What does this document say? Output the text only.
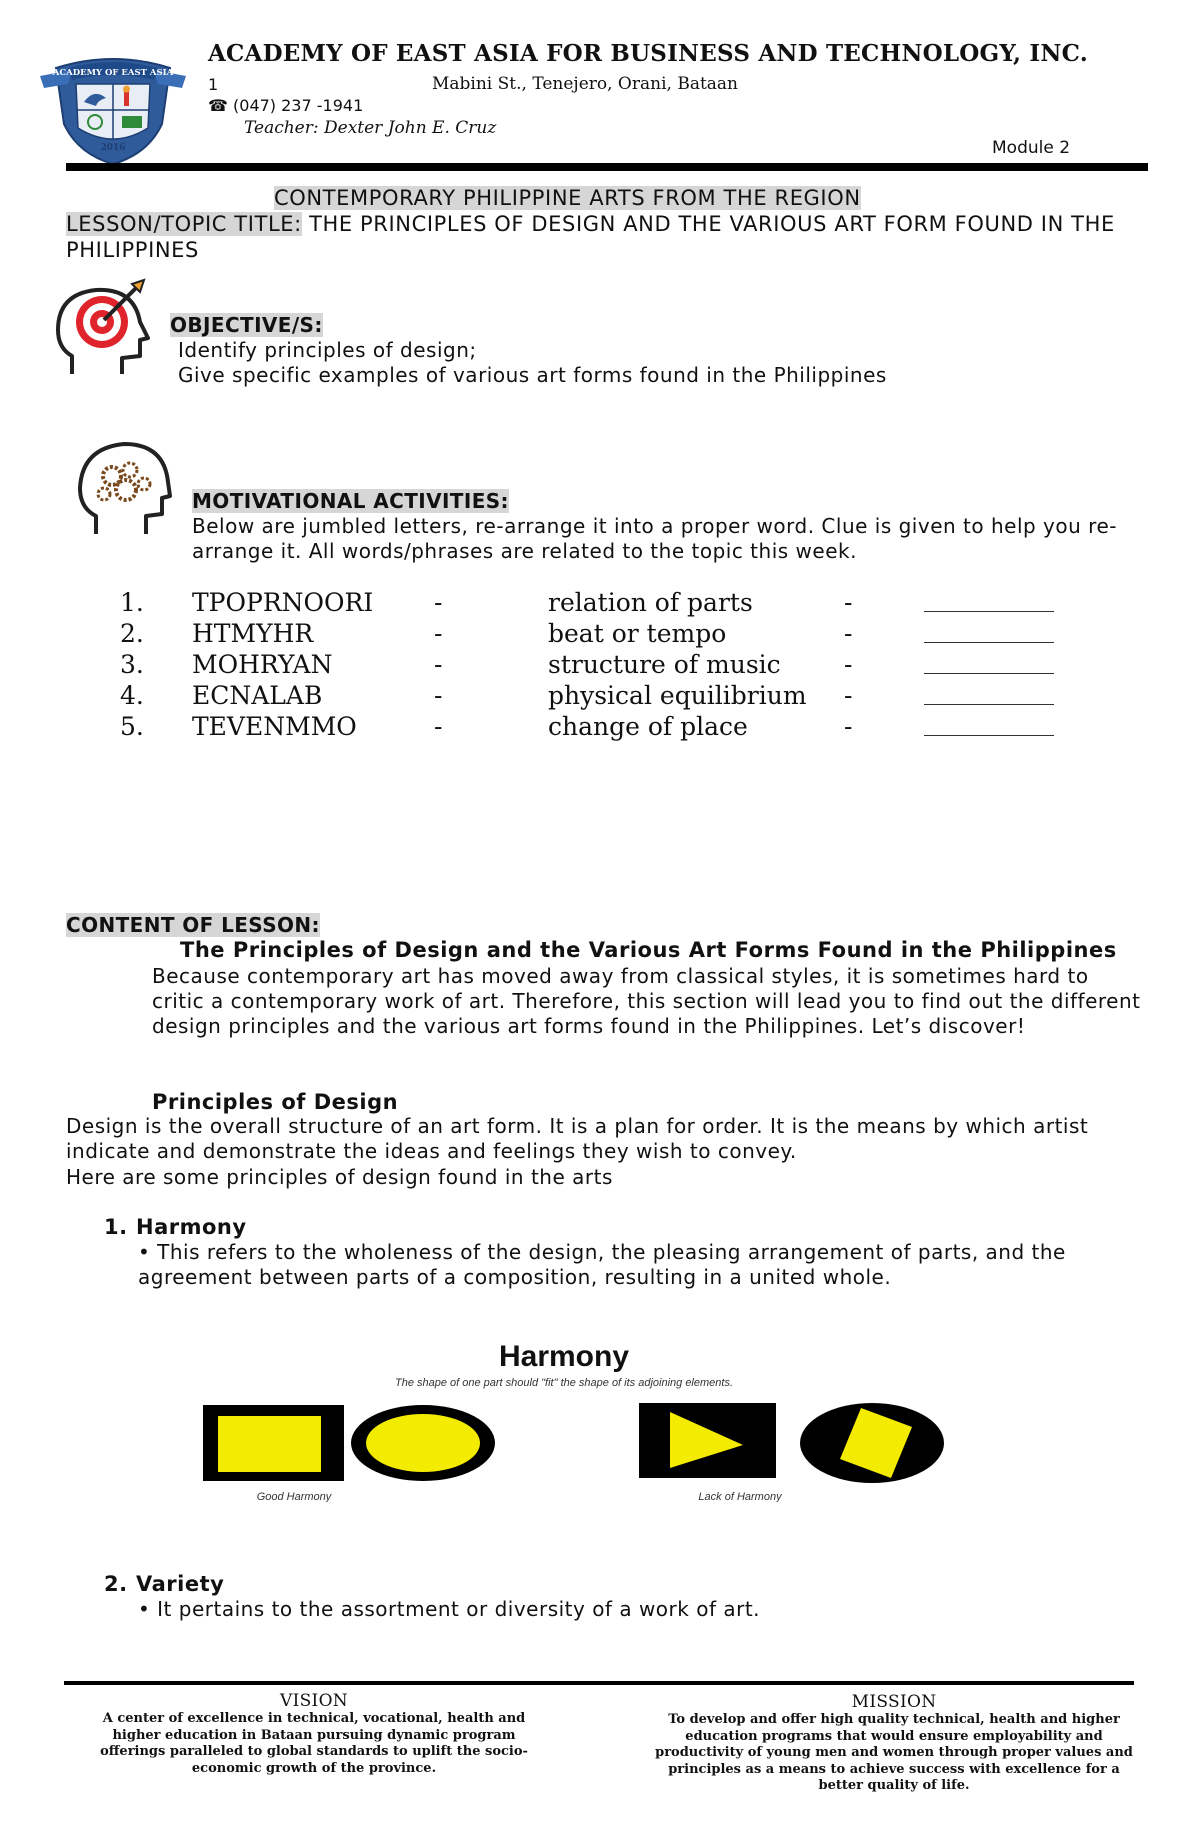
ACADEMY OF EAST ASIA
2016
ACADEMY OF EAST ASIA FOR BUSINESS AND TECHNOLOGY, INC.
1	Mabini St., Tenejero, Orani, Bataan
☎ (047) 237 -1941
Teacher: Dexter John E. Cruz
Module 2
CONTEMPORARY PHILIPPINE ARTS FROM THE REGION
LESSON/TOPIC TITLE: THE PRINCIPLES OF DESIGN AND THE VARIOUS ART FORM FOUND IN THE PHILIPPINES
OBJECTIVE/S:
Identify principles of design;
Give specific examples of various art forms found in the Philippines
MOTIVATIONAL ACTIVITIES:
Below are jumbled letters, re-arrange it into a proper word. Clue is given to help you re-arrange it. All words/phrases are related to the topic this week.
1. TPOPRNOORI -	relation of parts	-
2. HTMYHR	-	beat or tempo	-
3. MOHRYAN	-	structure of music	-
4. ECNALAB	-	physical equilibrium -
5. TEVENMMO	-	change of place	-
CONTENT OF LESSON:
The Principles of Design and the Various Art Forms Found in the Philippines
Because contemporary art has moved away from classical styles, it is sometimes hard to critic a contemporary work of art. Therefore, this section will lead you to find out the different design principles and the various art forms found in the Philippines. Let’s discover!
Principles of Design
Design is the overall structure of an art form. It is a plan for order. It is the means by which artist indicate and demonstrate the ideas and feelings they wish to convey.
Here are some principles of design found in the arts
1. Harmony
• This refers to the wholeness of the design, the pleasing arrangement of parts, and the agreement between parts of a composition, resulting in a united whole.
Harmony
The shape of one part should "fit" the shape of its adjoining elements.
Good Harmony	Lack of Harmony
2. Variety
• It pertains to the assortment or diversity of a work of art.
VISION
A center of excellence in technical, vocational, health and higher education in Bataan pursuing dynamic program offerings paralleled to global standards to uplift the socio-economic growth of the province.
MISSION
To develop and offer high quality technical, health and higher education programs that would ensure employability and productivity of young men and women through proper values and principles as a means to achieve success with excellence for a better quality of life.
